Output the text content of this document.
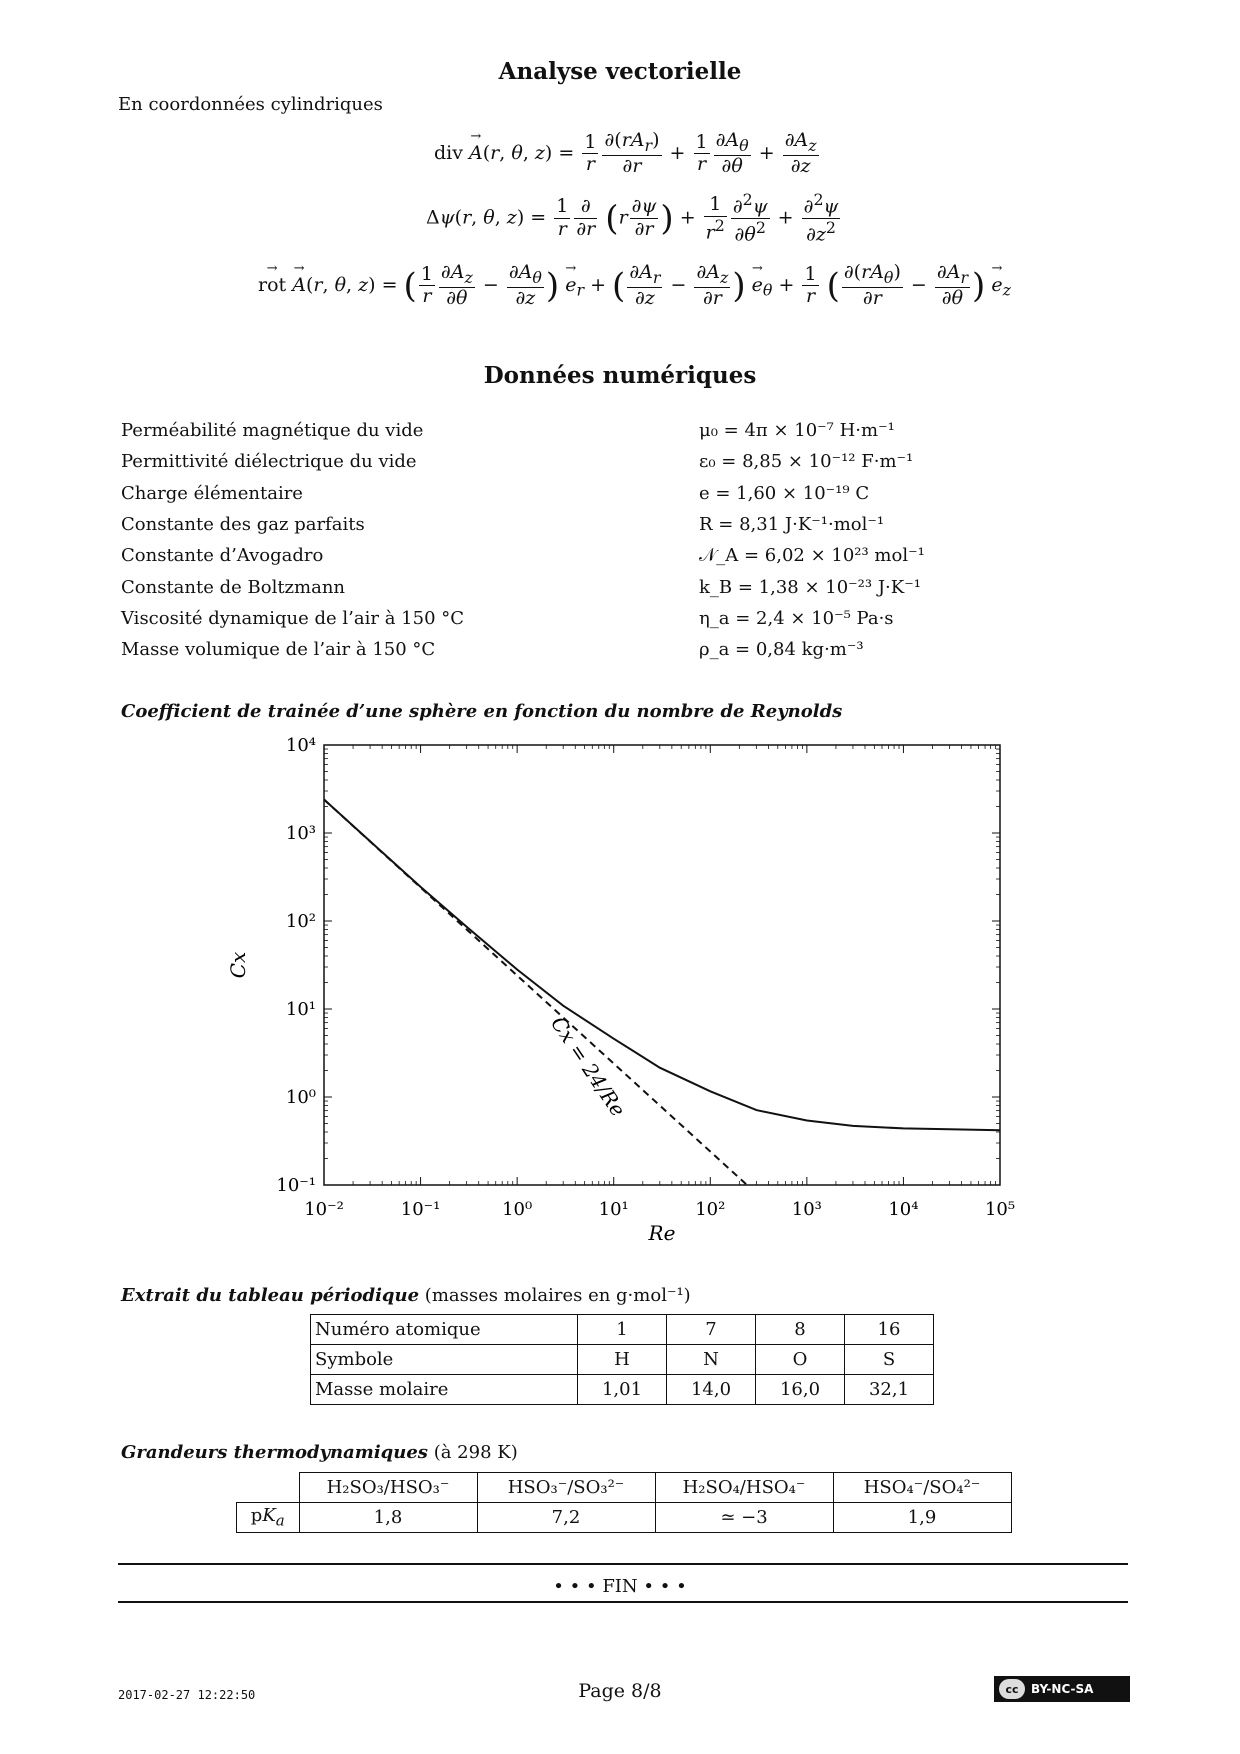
Analyse vectorielle
En coordonnées cylindriques
div → A(r, θ, $z) = \frac{1}{r} \frac{\partial(rA_r)}{\partial r} + \frac{1}{r} \frac{\partial A_\theta}{\partial\theta} + \frac{\partial A_z}{\partial z}$
Δψ(r, θ, $z) = \frac{1}{r} \frac{\partial}{\partial r} (r \frac{\partial\psi}{\partial r}$ ) + $\frac{1}{r^2} \frac{\partial^2\psi}{\partial\theta^2} + \frac{\partial^2\psi}{\partial z^2}$
→ rot → A(r, θ, z) = ( $\frac{1}{r} \frac{\partial A_z}{\partial\theta} - \frac{\partial A_\theta}{\partial z}$ ) → $e_r$ + ( $\frac{\partial A_r}{\partial z} - \frac{\partial A_z}{\partial r}$ ) → $e_\theta + \frac{1}{r}$ ( $\frac{\partial(rA_\theta)}{\partial r} - \frac{\partial A_r}{\partial\theta}$ ) → $e_z$
Données numériques
Perméabilité magnétique du vide	μ₀ = 4π × 10⁻⁷ H·m⁻¹
Permittivité diélectrique du vide	ε₀ = 8,85 × 10⁻¹² F·m⁻¹
Charge élémentaire	e = 1,60 × 10⁻¹⁹ C
Constante des gaz parfaits	R = 8,31 J·K⁻¹·mol⁻¹
Constante d’Avogadro	𝒩_A = 6,02 × 10²³ mol⁻¹
Constante de Boltzmann	k_B = 1,38 × 10⁻²³ J·K⁻¹
Viscosité dynamique de l’air à 150 °C	η_a = 2,4 × 10⁻⁵ Pa·s
Masse volumique de l’air à 150 °C	ρ_a = 0,84 kg·m⁻³
Coefficient de trainée d’une sphère en fonction du nombre de Reynolds
10⁻²	10⁻¹	10⁰	10¹	10²	10³	10⁴	10⁵
10⁻¹
10⁰
10¹
10²
10³
10⁴
Cx
Re
Cx = 24/Re
Extrait du tableau périodique (masses molaires en g·mol⁻¹)
Numéro atomique	1	7	8	16
Symbole	H	N	O	S
Masse molaire	1,01	14,0	16,0	32,1
Grandeurs thermodynamiques (à 298 K)
	H₂SO₃/HSO₃⁻	HSO₃⁻/SO₃²⁻	H₂SO₄/HSO₄⁻	HSO₄⁻/SO₄²⁻
$pK_a$	1,8	7,2	≃ −3	1,9
• • • FIN • • •
2017-02-27 12:22:50	Page 8/8	cc	BY-NC-SA
